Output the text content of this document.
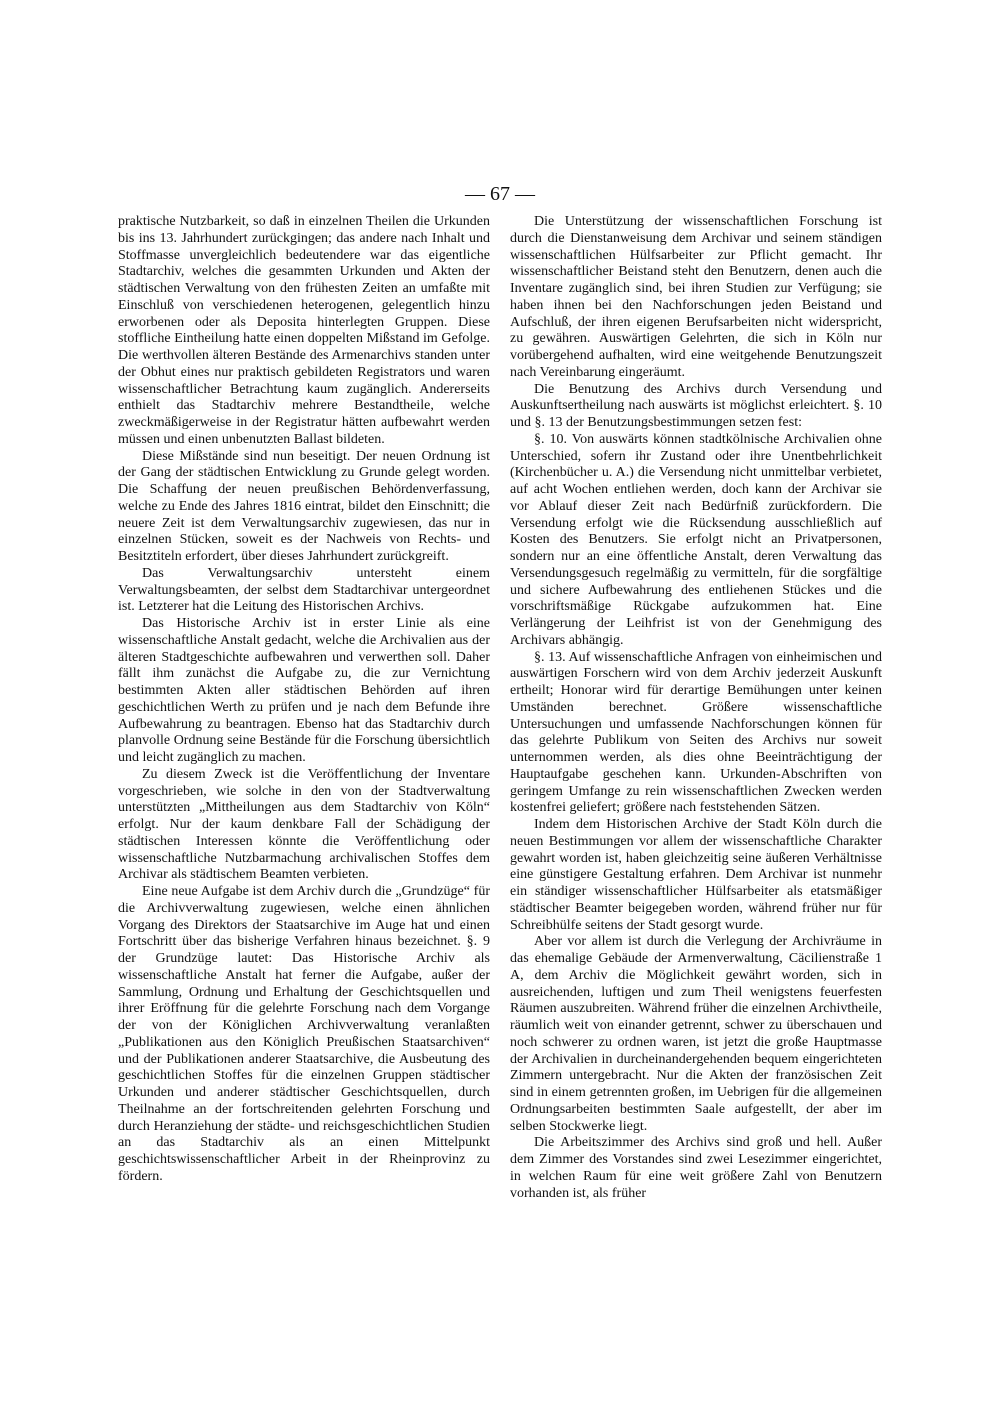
— 67 —

praktische Nutzbarkeit, so daß in einzelnen Theilen die Urkunden bis ins 13. Jahrhundert zurückgingen; das andere nach Inhalt und Stoffmasse unvergleichlich bedeutendere war das eigentliche Stadtarchiv, welches die gesammten Urkunden und Akten der städtischen Verwaltung von den frühesten Zeiten an umfaßte mit Einschluß von verschiedenen heterogenen, gelegentlich hinzu erworbenen oder als Deposita hinterlegten Gruppen. Diese stoffliche Eintheilung hatte einen doppelten Mißstand im Gefolge. Die werthvollen älteren Bestände des Armenarchivs standen unter der Obhut eines nur praktisch gebildeten Registrators und waren wissenschaftlicher Betrachtung kaum zugänglich. Andererseits enthielt das Stadtarchiv mehrere Bestandtheile, welche zweckmäßigerweise in der Registratur hätten aufbewahrt werden müssen und einen unbenutzten Ballast bildeten.

Diese Mißstände sind nun beseitigt. Der neuen Ordnung ist der Gang der städtischen Entwicklung zu Grunde gelegt worden. Die Schaffung der neuen preußischen Behördenverfassung, welche zu Ende des Jahres 1816 eintrat, bildet den Einschnitt; die neuere Zeit ist dem Verwaltungsarchiv zugewiesen, das nur in einzelnen Stücken, soweit es der Nachweis von Rechts- und Besitztiteln erfordert, über dieses Jahrhundert zurückgreift.

Das Verwaltungsarchiv untersteht einem Verwaltungsbeamten, der selbst dem Stadtarchivar untergeordnet ist. Letzterer hat die Leitung des Historischen Archivs.

Das Historische Archiv ist in erster Linie als eine wissenschaftliche Anstalt gedacht, welche die Archivalien aus der älteren Stadtgeschichte aufbewahren und verwerthen soll. Daher fällt ihm zunächst die Aufgabe zu, die zur Vernichtung bestimmten Akten aller städtischen Behörden auf ihren geschichtlichen Werth zu prüfen und je nach dem Befunde ihre Aufbewahrung zu beantragen. Ebenso hat das Stadtarchiv durch planvolle Ordnung seine Bestände für die Forschung übersichtlich und leicht zugänglich zu machen.

Zu diesem Zweck ist die Veröffentlichung der Inventare vorgeschrieben, wie solche in den von der Stadtverwaltung unterstützten „Mittheilungen aus dem Stadtarchiv von Köln“ erfolgt. Nur der kaum denkbare Fall der Schädigung der städtischen Interessen könnte die Veröffentlichung oder wissenschaftliche Nutzbarmachung archivalischen Stoffes dem Archivar als städtischem Beamten verbieten.

Eine neue Aufgabe ist dem Archiv durch die „Grundzüge“ für die Archivverwaltung zugewiesen, welche einen ähnlichen Vorgang des Direktors der Staatsarchive im Auge hat und einen Fortschritt über das bisherige Verfahren hinaus bezeichnet. §. 9 der Grundzüge lautet: Das Historische Archiv als wissenschaftliche Anstalt hat ferner die Aufgabe, außer der Sammlung, Ordnung und Erhaltung der Geschichtsquellen und ihrer Eröffnung für die gelehrte Forschung nach dem Vorgange der von der Königlichen Archivverwaltung veranlaßten „Publikationen aus den Königlich Preußischen Staatsarchiven“ und der Publikationen anderer Staatsarchive, die Ausbeutung des geschichtlichen Stoffes für die einzelnen Gruppen städtischer Urkunden und anderer städtischer Geschichtsquellen, durch Theilnahme an der fortschreitenden gelehrten Forschung und durch Heranziehung der städte- und reichsgeschichtlichen Studien an das Stadtarchiv als an einen Mittelpunkt geschichtswissenschaftlicher Arbeit in der Rheinprovinz zu fördern.

Die Unterstützung der wissenschaftlichen Forschung ist durch die Dienstanweisung dem Archivar und seinem ständigen wissenschaftlichen Hülfsarbeiter zur Pflicht gemacht. Ihr wissenschaftlicher Beistand steht den Benutzern, denen auch die Inventare zugänglich sind, bei ihren Studien zur Verfügung; sie haben ihnen bei den Nachforschungen jeden Beistand und Aufschluß, der ihren eigenen Berufsarbeiten nicht widerspricht, zu gewähren. Auswärtigen Gelehrten, die sich in Köln nur vorübergehend aufhalten, wird eine weitgehende Benutzungszeit nach Vereinbarung eingeräumt.

Die Benutzung des Archivs durch Versendung und Auskunftsertheilung nach auswärts ist möglichst erleichtert. §. 10 und §. 13 der Benutzungsbestimmungen setzen fest:

§. 10. Von auswärts können stadtkölnische Archivalien ohne Unterschied, sofern ihr Zustand oder ihre Unentbehrlichkeit (Kirchenbücher u. A.) die Versendung nicht unmittelbar verbietet, auf acht Wochen entliehen werden, doch kann der Archivar sie vor Ablauf dieser Zeit nach Bedürfniß zurückfordern. Die Versendung erfolgt wie die Rücksendung ausschließlich auf Kosten des Benutzers. Sie erfolgt nicht an Privatpersonen, sondern nur an eine öffentliche Anstalt, deren Verwaltung das Versendungsgesuch regelmäßig zu vermitteln, für die sorgfältige und sichere Aufbewahrung des entliehenen Stückes und die vorschriftsmäßige Rückgabe aufzukommen hat. Eine Verlängerung der Leihfrist ist von der Genehmigung des Archivars abhängig.

§. 13. Auf wissenschaftliche Anfragen von einheimischen und auswärtigen Forschern wird von dem Archiv jederzeit Auskunft ertheilt; Honorar wird für derartige Bemühungen unter keinen Umständen berechnet. Größere wissenschaftliche Untersuchungen und umfassende Nachforschungen können für das gelehrte Publikum von Seiten des Archivs nur soweit unternommen werden, als dies ohne Beeinträchtigung der Hauptaufgabe geschehen kann. Urkunden-Abschriften von geringem Umfange zu rein wissenschaftlichen Zwecken werden kostenfrei geliefert; größere nach feststehenden Sätzen.

Indem dem Historischen Archive der Stadt Köln durch die neuen Bestimmungen vor allem der wissenschaftliche Charakter gewahrt worden ist, haben gleichzeitig seine äußeren Verhältnisse eine günstigere Gestaltung erfahren. Dem Archivar ist nunmehr ein ständiger wissenschaftlicher Hülfsarbeiter als etatsmäßiger städtischer Beamter beigegeben worden, während früher nur für Schreibhülfe seitens der Stadt gesorgt wurde.

Aber vor allem ist durch die Verlegung der Archivräume in das ehemalige Gebäude der Armenverwaltung, Cäcilienstraße 1 A, dem Archiv die Möglichkeit gewährt worden, sich in ausreichenden, luftigen und zum Theil wenigstens feuerfesten Räumen auszubreiten. Während früher die einzelnen Archivtheile, räumlich weit von einander getrennt, schwer zu überschauen und noch schwerer zu ordnen waren, ist jetzt die große Hauptmasse der Archivalien in durcheinandergehenden bequem eingerichteten Zimmern untergebracht. Nur die Akten der französischen Zeit sind in einem getrennten großen, im Uebrigen für die allgemeinen Ordnungsarbeiten bestimmten Saale aufgestellt, der aber im selben Stockwerke liegt.

Die Arbeitszimmer des Archivs sind groß und hell. Außer dem Zimmer des Vorstandes sind zwei Lesezimmer eingerichtet, in welchen Raum für eine weit größere Zahl von Benutzern vorhanden ist, als früher
